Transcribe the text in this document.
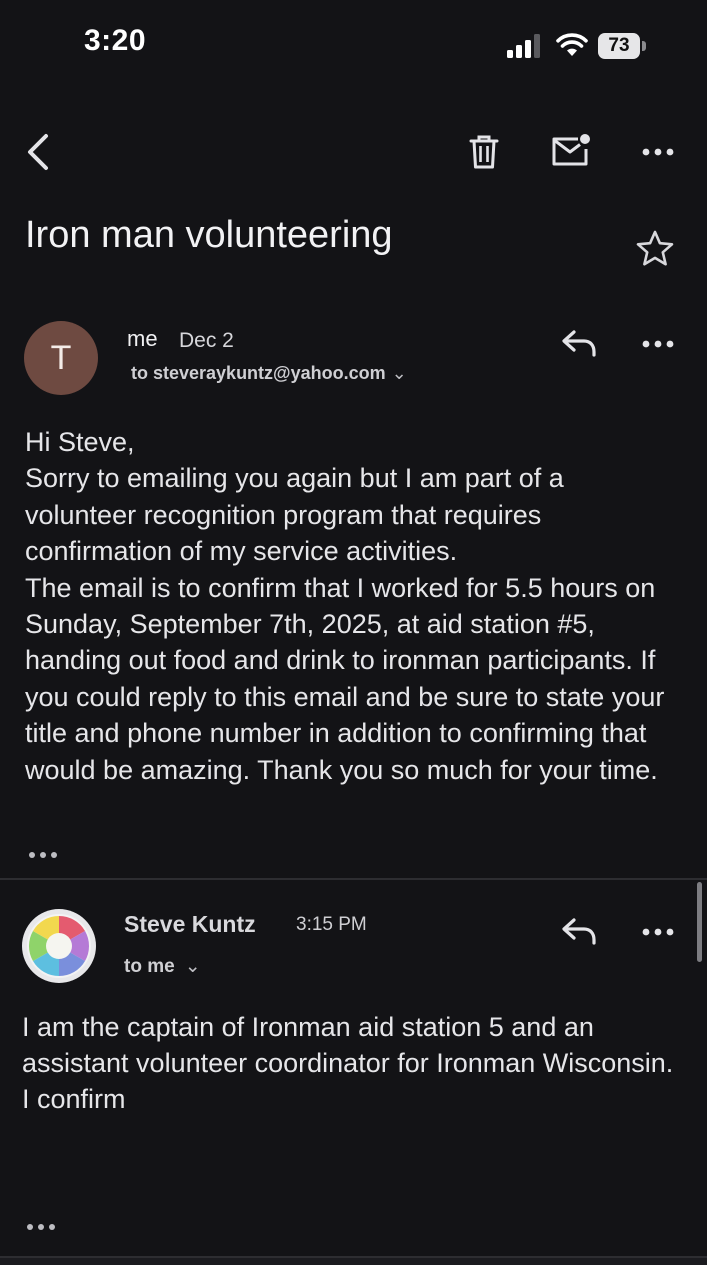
3:20	73
Iron man volunteering
T
me Dec 2
to steveraykuntz@yahoo.com ⌄

Hi Steve,

Sorry to emailing you again but I am part of a volunteer recognition program that requires confirmation of my service activities.

The email is to confirm that I worked for 5.5 hours on Sunday, September 7th, 2025, at aid station #5, handing out food and drink to ironman participants. If you could reply to this email and be sure to state your title and phone number in addition to confirming that would be amazing. Thank you so much for your time.

Steve Kuntz 3:15 PM
to me ⌄
I am the captain of Ironman aid station 5 and an assistant volunteer coordinator for Ironman Wisconsin. I confirm
